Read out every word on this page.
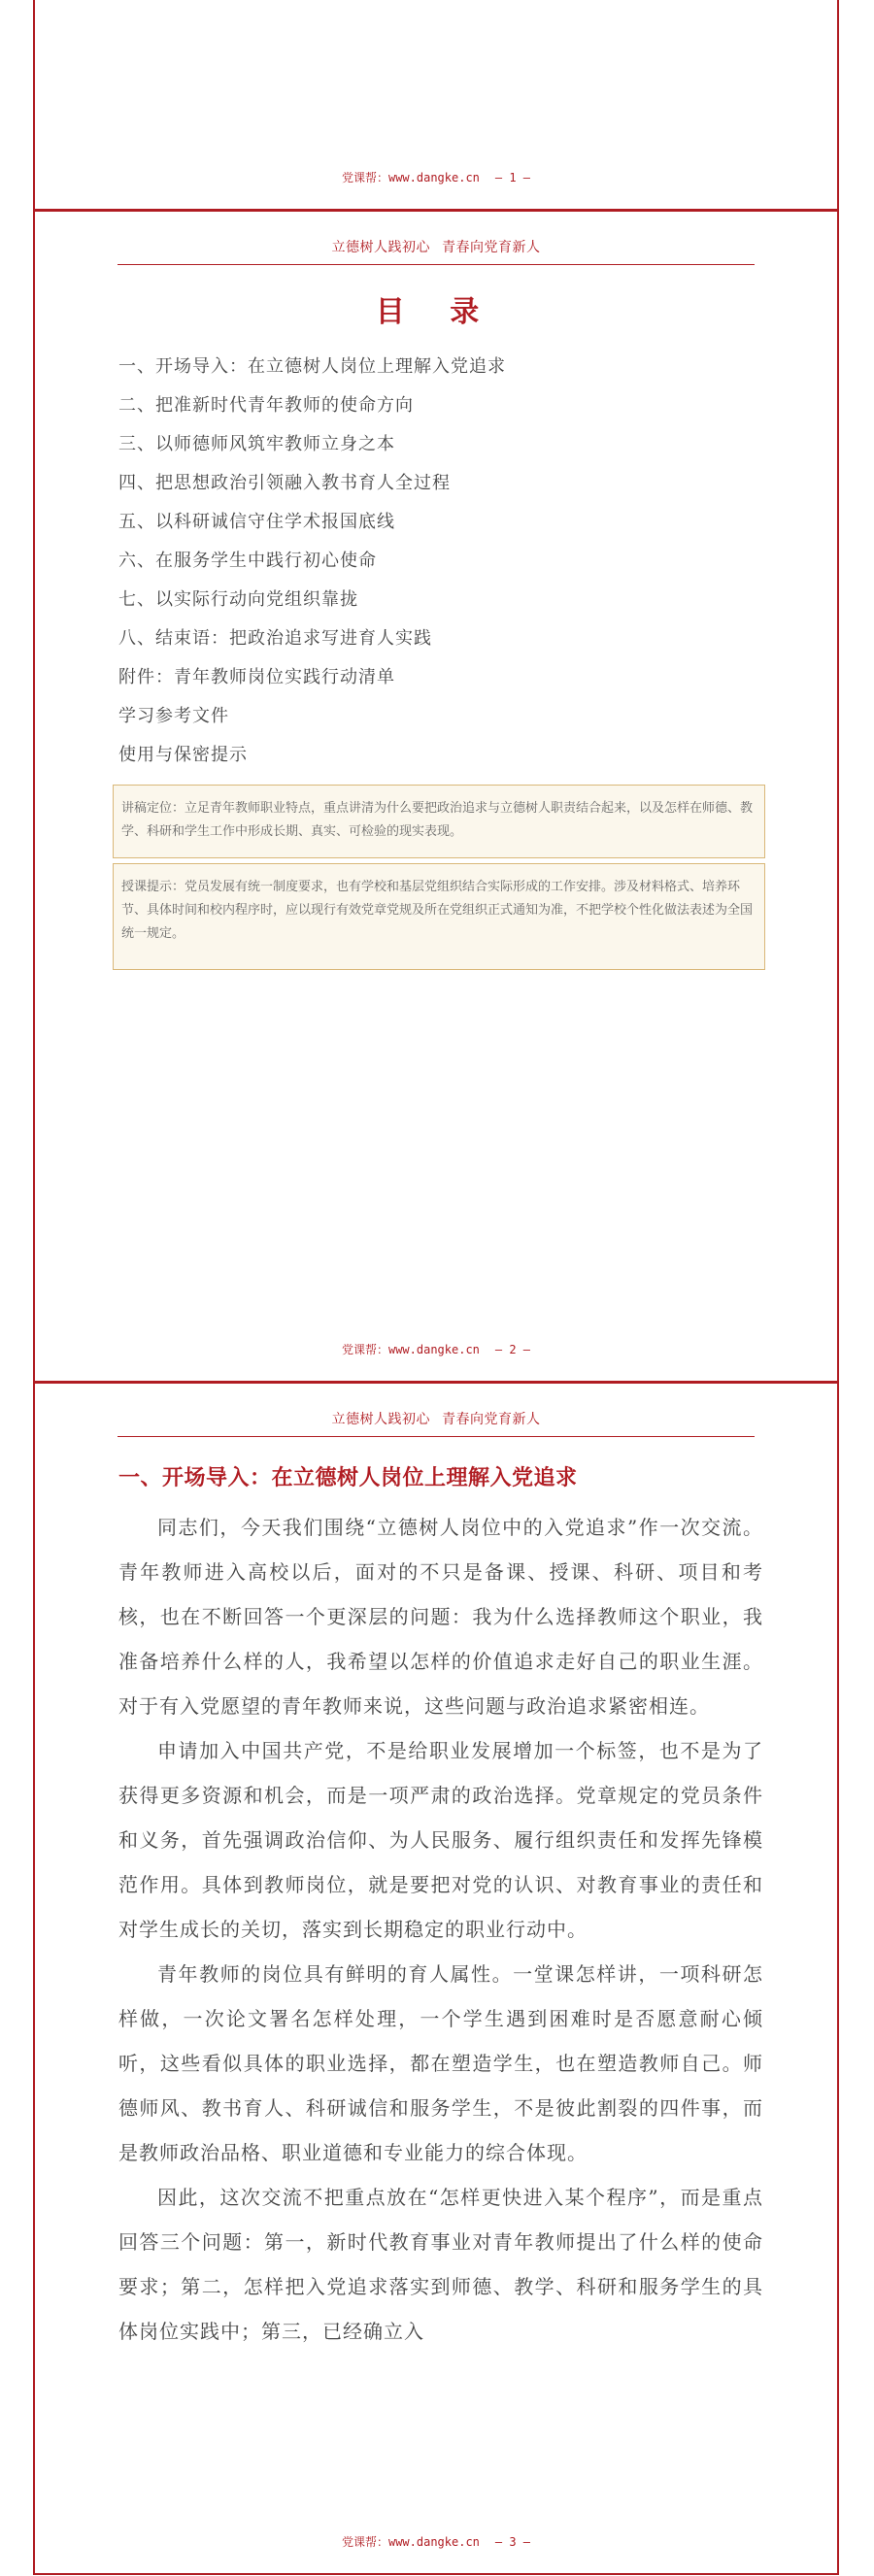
党课帮：www.dangke.cn — 1 —
立德树人践初心 青春向党育新人
目 录
一、开场导入：在立德树人岗位上理解入党追求
二、把准新时代青年教师的使命方向
三、以师德师风筑牢教师立身之本
四、把思想政治引领融入教书育人全过程
五、以科研诚信守住学术报国底线
六、在服务学生中践行初心使命
七、以实际行动向党组织靠拢
八、结束语：把政治追求写进育人实践
附件：青年教师岗位实践行动清单
学习参考文件
使用与保密提示
讲稿定位：立足青年教师职业特点，重点讲清为什么要把政治追求与立德树人职责结合起来，以及怎样在师德、教学、科研和学生工作中形成长期、真实、可检验的现实表现。
授课提示：党员发展有统一制度要求，也有学校和基层党组织结合实际形成的工作安排。涉及材料格式、培养环节、具体时间和校内程序时，应以现行有效党章党规及所在党组织正式通知为准，不把学校个性化做法表述为全国统一规定。
党课帮：www.dangke.cn — 2 —
立德树人践初心 青春向党育新人
一、开场导入：在立德树人岗位上理解入党追求

同志们，今天我们围绕“立德树人岗位中的入党追求”作一次交流。青年教师进入高校以后，面对的不只是备课、授课、科研、项目和考核，也在不断回答一个更深层的问题：我为什么选择教师这个职业，我准备培养什么样的人，我希望以怎样的价值追求走好自己的职业生涯。对于有入党愿望的青年教师来说，这些问题与政治追求紧密相连。

申请加入中国共产党，不是给职业发展增加一个标签，也不是为了获得更多资源和机会，而是一项严肃的政治选择。党章规定的党员条件和义务，首先强调政治信仰、为人民服务、履行组织责任和发挥先锋模范作用。具体到教师岗位，就是要把对党的认识、对教育事业的责任和对学生成长的关切，落实到长期稳定的职业行动中。

青年教师的岗位具有鲜明的育人属性。一堂课怎样讲，一项科研怎样做，一次论文署名怎样处理，一个学生遇到困难时是否愿意耐心倾听，这些看似具体的职业选择，都在塑造学生，也在塑造教师自己。师德师风、教书育人、科研诚信和服务学生，不是彼此割裂的四件事，而是教师政治品格、职业道德和专业能力的综合体现。

因此，这次交流不把重点放在“怎样更快进入某个程序”，而是重点回答三个问题：第一，新时代教育事业对青年教师提出了什么样的使命要求；第二，怎样把入党追求落实到师德、教学、科研和服务学生的具体岗位实践中；第三，已经确立入

党课帮：www.dangke.cn — 3 —
